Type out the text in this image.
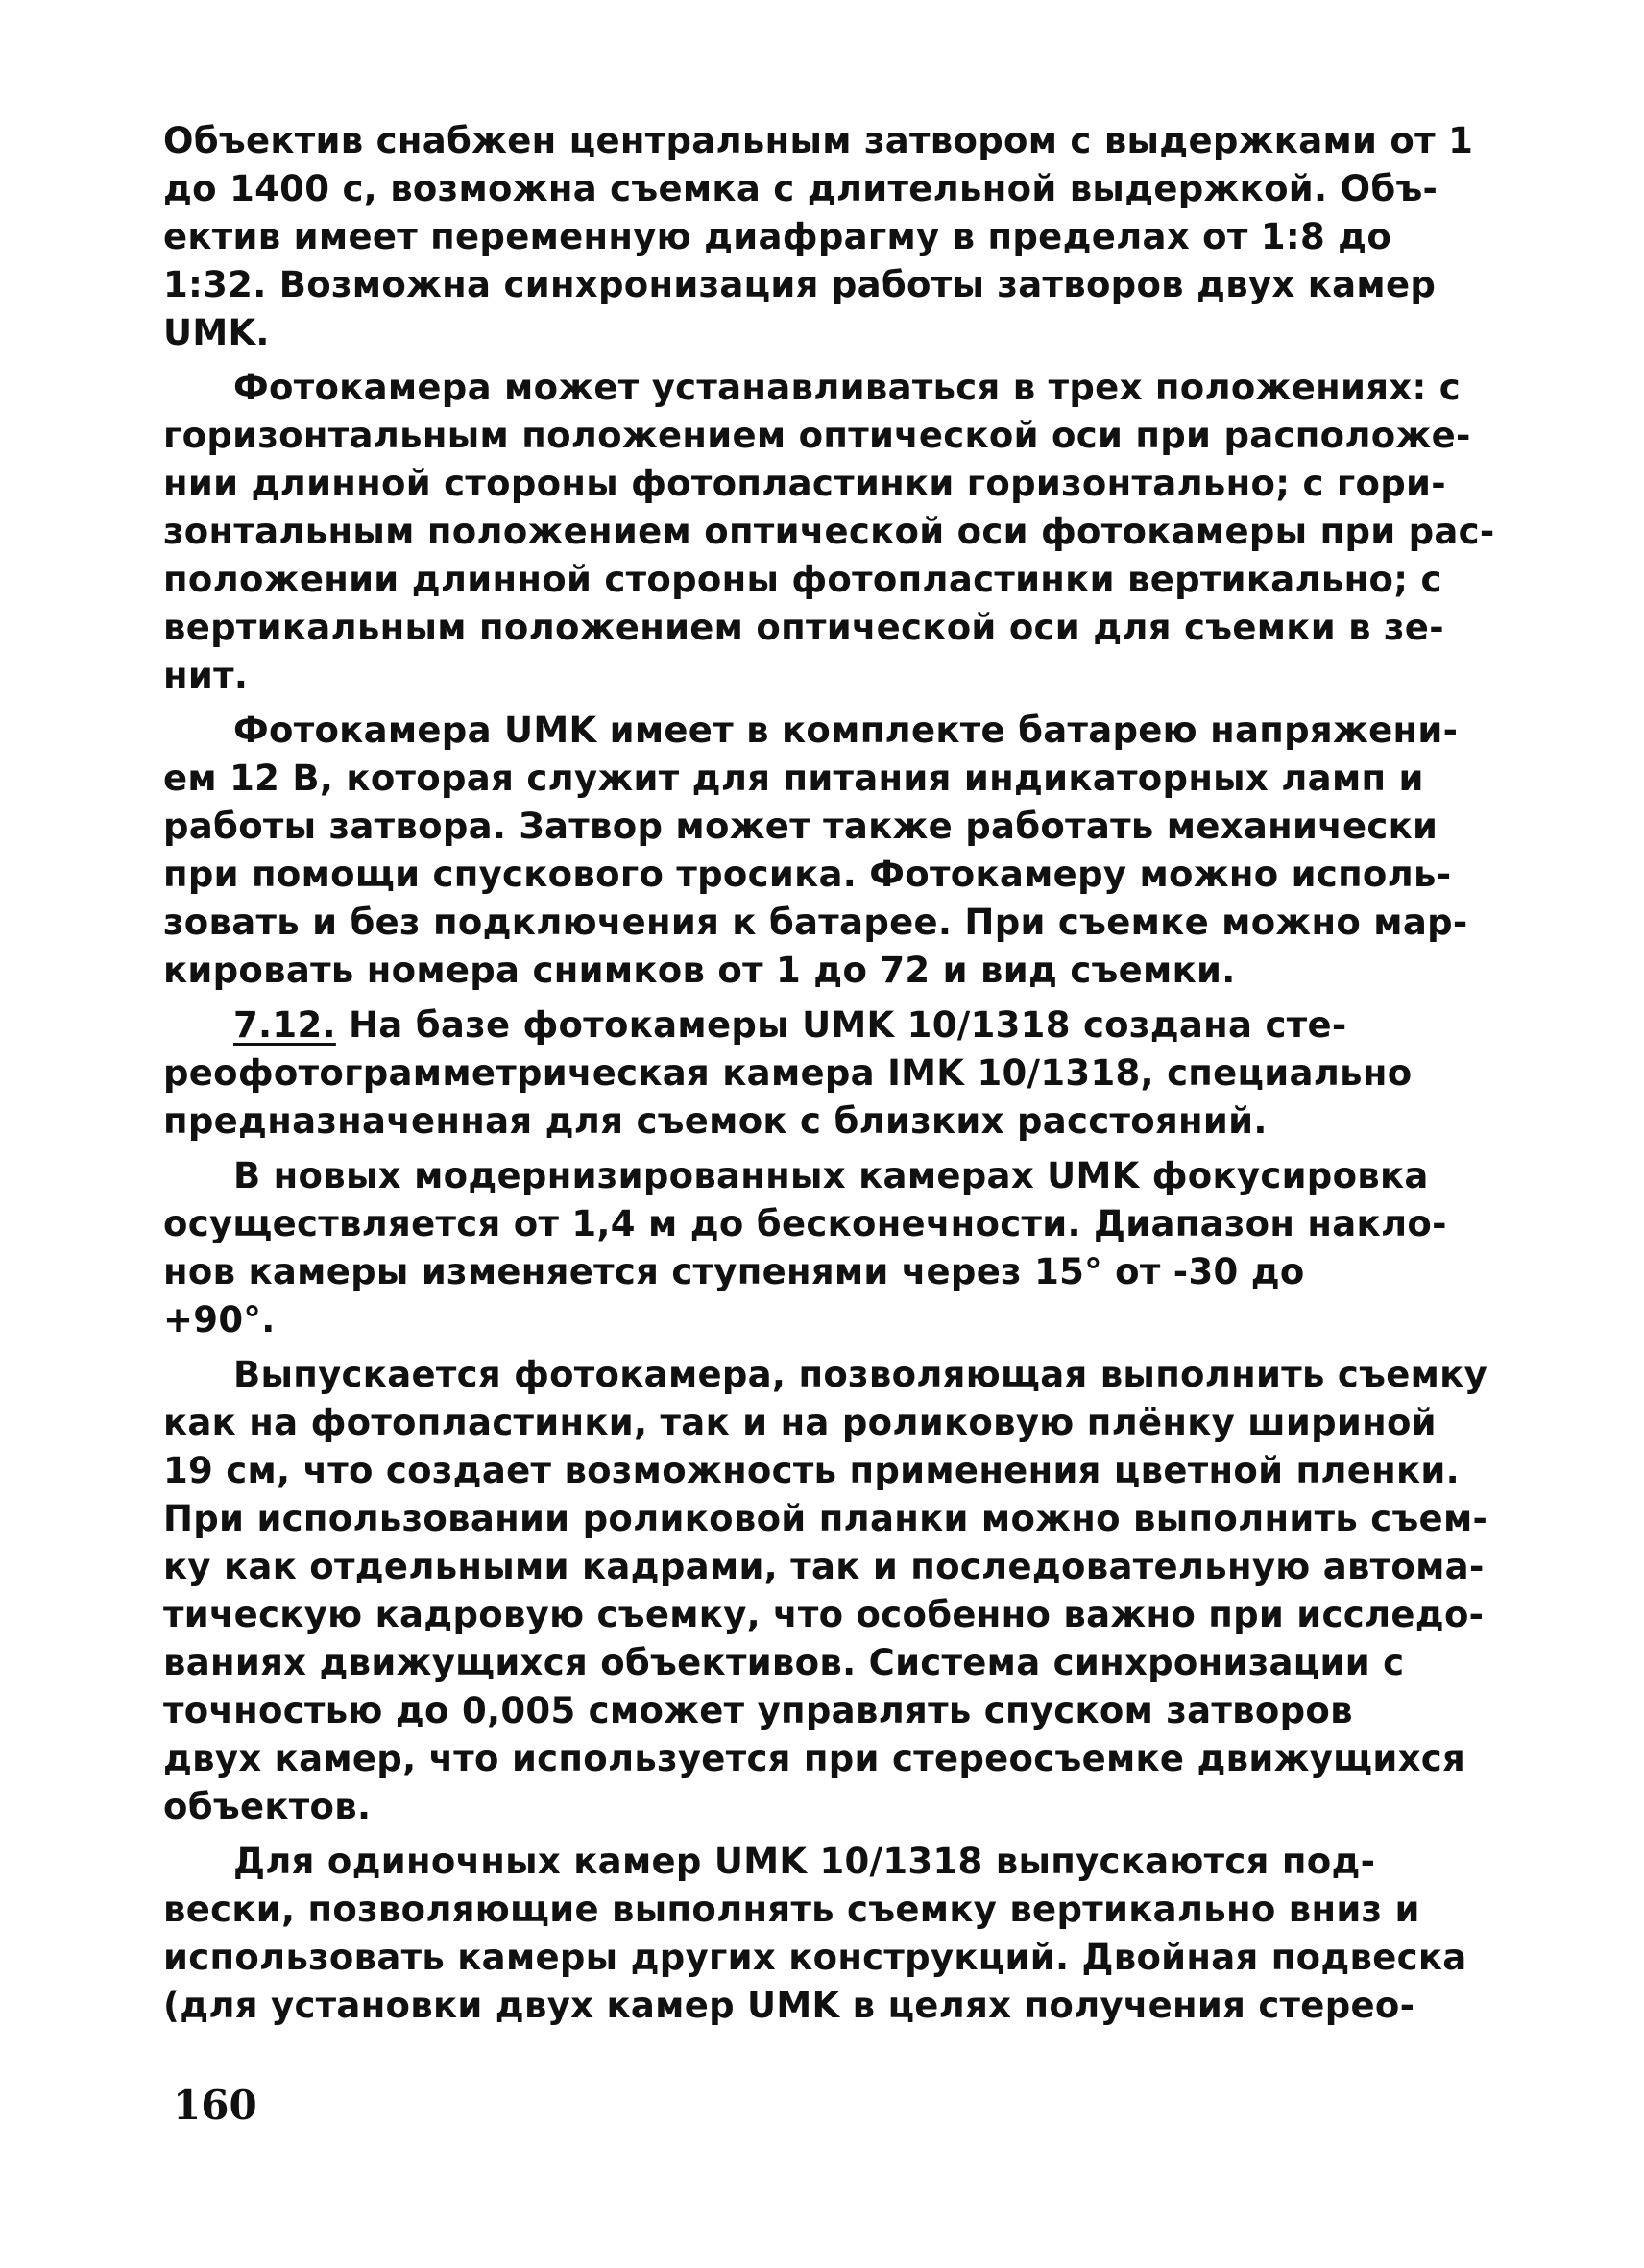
Объектив снабжен центральным затвором с выдержками от 1
до 1400 с, возможна съемка с длительной выдержкой. Объ-
ектив имеет переменную диафрагму в пределах от 1:8 до
1:32. Возможна синхронизация работы затворов двух камер
UMK.

Фотокамера может устанавливаться в трех положениях: с
горизонтальным положением оптической оси при расположе-
нии длинной стороны фотопластинки горизонтально; с гори-
зонтальным положением оптической оси фотокамеры при рас-
положении длинной стороны фотопластинки вертикально; с
вертикальным положением оптической оси для съемки в зе-
нит.

Фотокамера UMK имеет в комплекте батарею напряжени-
ем 12 В, которая служит для питания индикаторных ламп и
работы затвора. Затвор может также работать механически
при помощи спускового тросика. Фотокамеру можно исполь-
зовать и без подключения к батарее. При съемке можно мар-
кировать номера снимков от 1 до 72 и вид съемки.

7.12. На базе фотокамеры UMK 10/1318 создана сте-
реофотограмметрическая камера IMK 10/1318, специально
предназначенная для съемок с близких расстояний.

В новых модернизированных камерах UMK фокусировка
осуществляется от 1,4 м до бесконечности. Диапазон накло-
нов камеры изменяется ступенями через 15° от -30 до
+90°.

Выпускается фотокамера, позволяющая выполнить съемку
как на фотопластинки, так и на роликовую плёнку шириной
19 см, что создает возможность применения цветной пленки.
При использовании роликовой планки можно выполнить съем-
ку как отдельными кадрами, так и последовательную автома-
тическую кадровую съемку, что особенно важно при исследо-
ваниях движущихся объективов. Система синхронизации с
точностью до 0,005 сможет управлять спуском затворов
двух камер, что используется при стереосъемке движущихся
объектов.

Для одиночных камер UMK 10/1318 выпускаются под-
вески, позволяющие выполнять съемку вертикально вниз и
использовать камеры других конструкций. Двойная подвеска
(для установки двух камер UMK в целях получения стерео-

160
